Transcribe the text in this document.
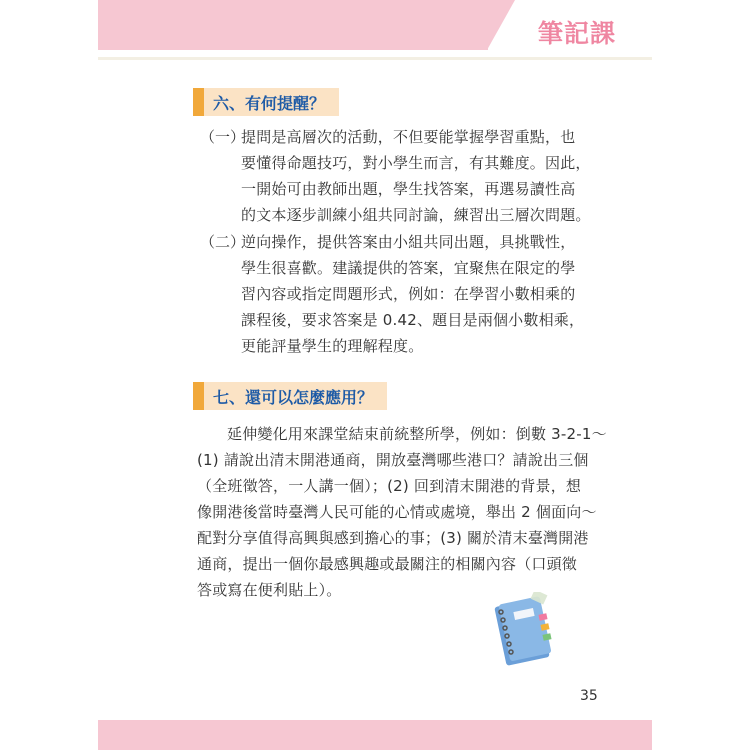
筆記課
六、有何提醒？
（一）
提問是高層次的活動，不但要能掌握學習重點，也
要懂得命題技巧，對小學生而言，有其難度。因此，
一開始可由教師出題，學生找答案，再選易讀性高
的文本逐步訓練小組共同討論，練習出三層次問題。
（二）
逆向操作，提供答案由小組共同出題，具挑戰性，
學生很喜歡。建議提供的答案，宜聚焦在限定的學
習內容或指定問題形式，例如：在學習小數相乘的
課程後，要求答案是 0.42、題目是兩個小數相乘，
更能評量學生的理解程度。
七、還可以怎麼應用？
延伸變化用來課堂結束前統整所學，例如：倒數 3-2-1～
(1) 請說出清末開港通商，開放臺灣哪些港口？請說出三個
（全班徵答，一人講一個）；(2) 回到清末開港的背景，想
像開港後當時臺灣人民可能的心情或處境，舉出 2 個面向～
配對分享值得高興與感到擔心的事；(3) 關於清末臺灣開港
通商，提出一個你最感興趣或最關注的相關內容（口頭徵
答或寫在便利貼上）。
35
